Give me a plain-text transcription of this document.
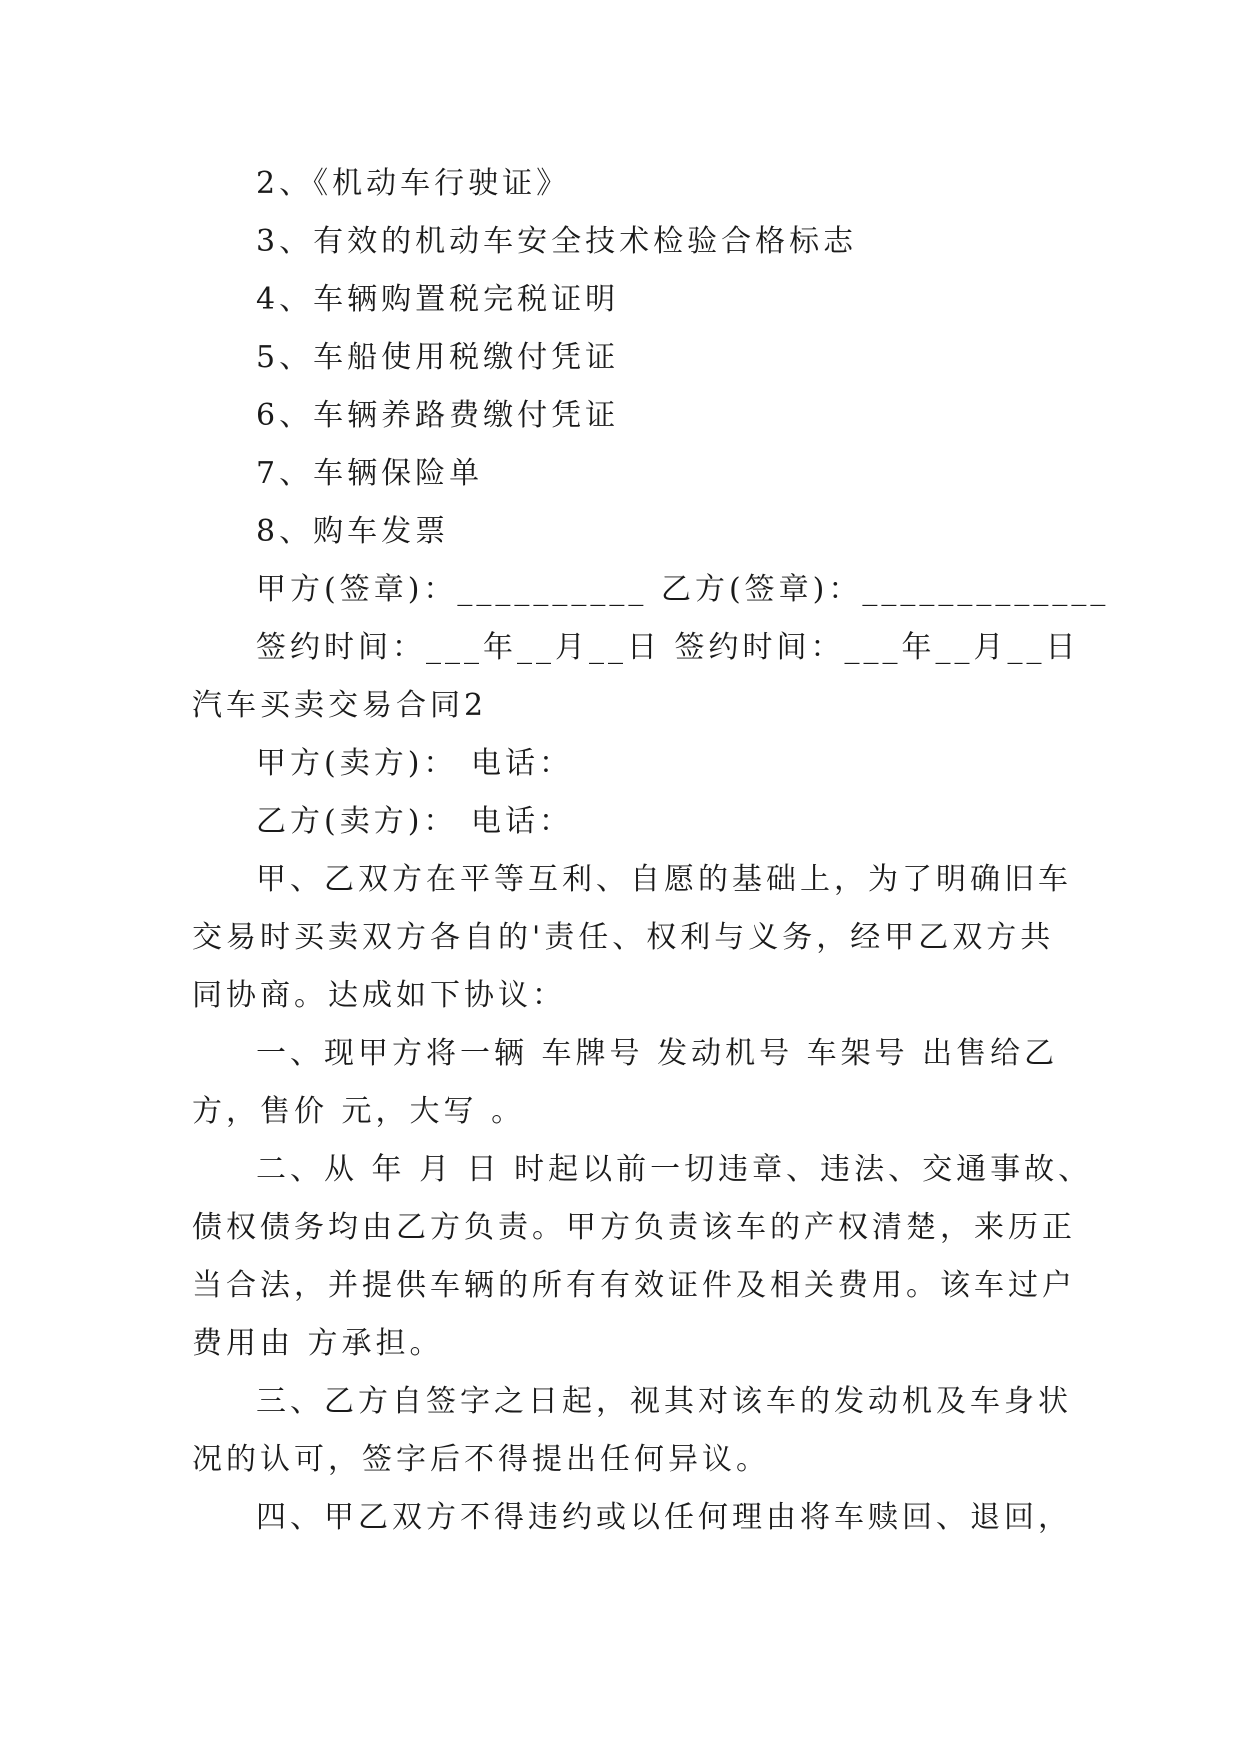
2、《机动车行驶证》
3、有效的机动车安全技术检验合格标志
4、车辆购置税完税证明
5、车船使用税缴付凭证
6、车辆养路费缴付凭证
7、车辆保险单
8、购车发票
甲方(签章)：__________ 乙方(签章)：_____________
签约时间：___年__月__日 签约时间：___年__月__日
汽车买卖交易合同2
甲方(卖方)： 电话：
乙方(卖方)： 电话：
甲、乙双方在平等互利、自愿的基础上，为了明确旧车
交易时买卖双方各自的'责任、权利与义务，经甲乙双方共
同协商。达成如下协议：
一、现甲方将一辆 车牌号 发动机号 车架号 出售给乙
方，售价 元，大写 。
二、从 年 月 日 时起以前一切违章、违法、交通事故、
债权债务均由乙方负责。甲方负责该车的产权清楚，来历正
当合法，并提供车辆的所有有效证件及相关费用。该车过户
费用由 方承担。
三、乙方自签字之日起，视其对该车的发动机及车身状
况的认可，签字后不得提出任何异议。
四、甲乙双方不得违约或以任何理由将车赎回、退回，
